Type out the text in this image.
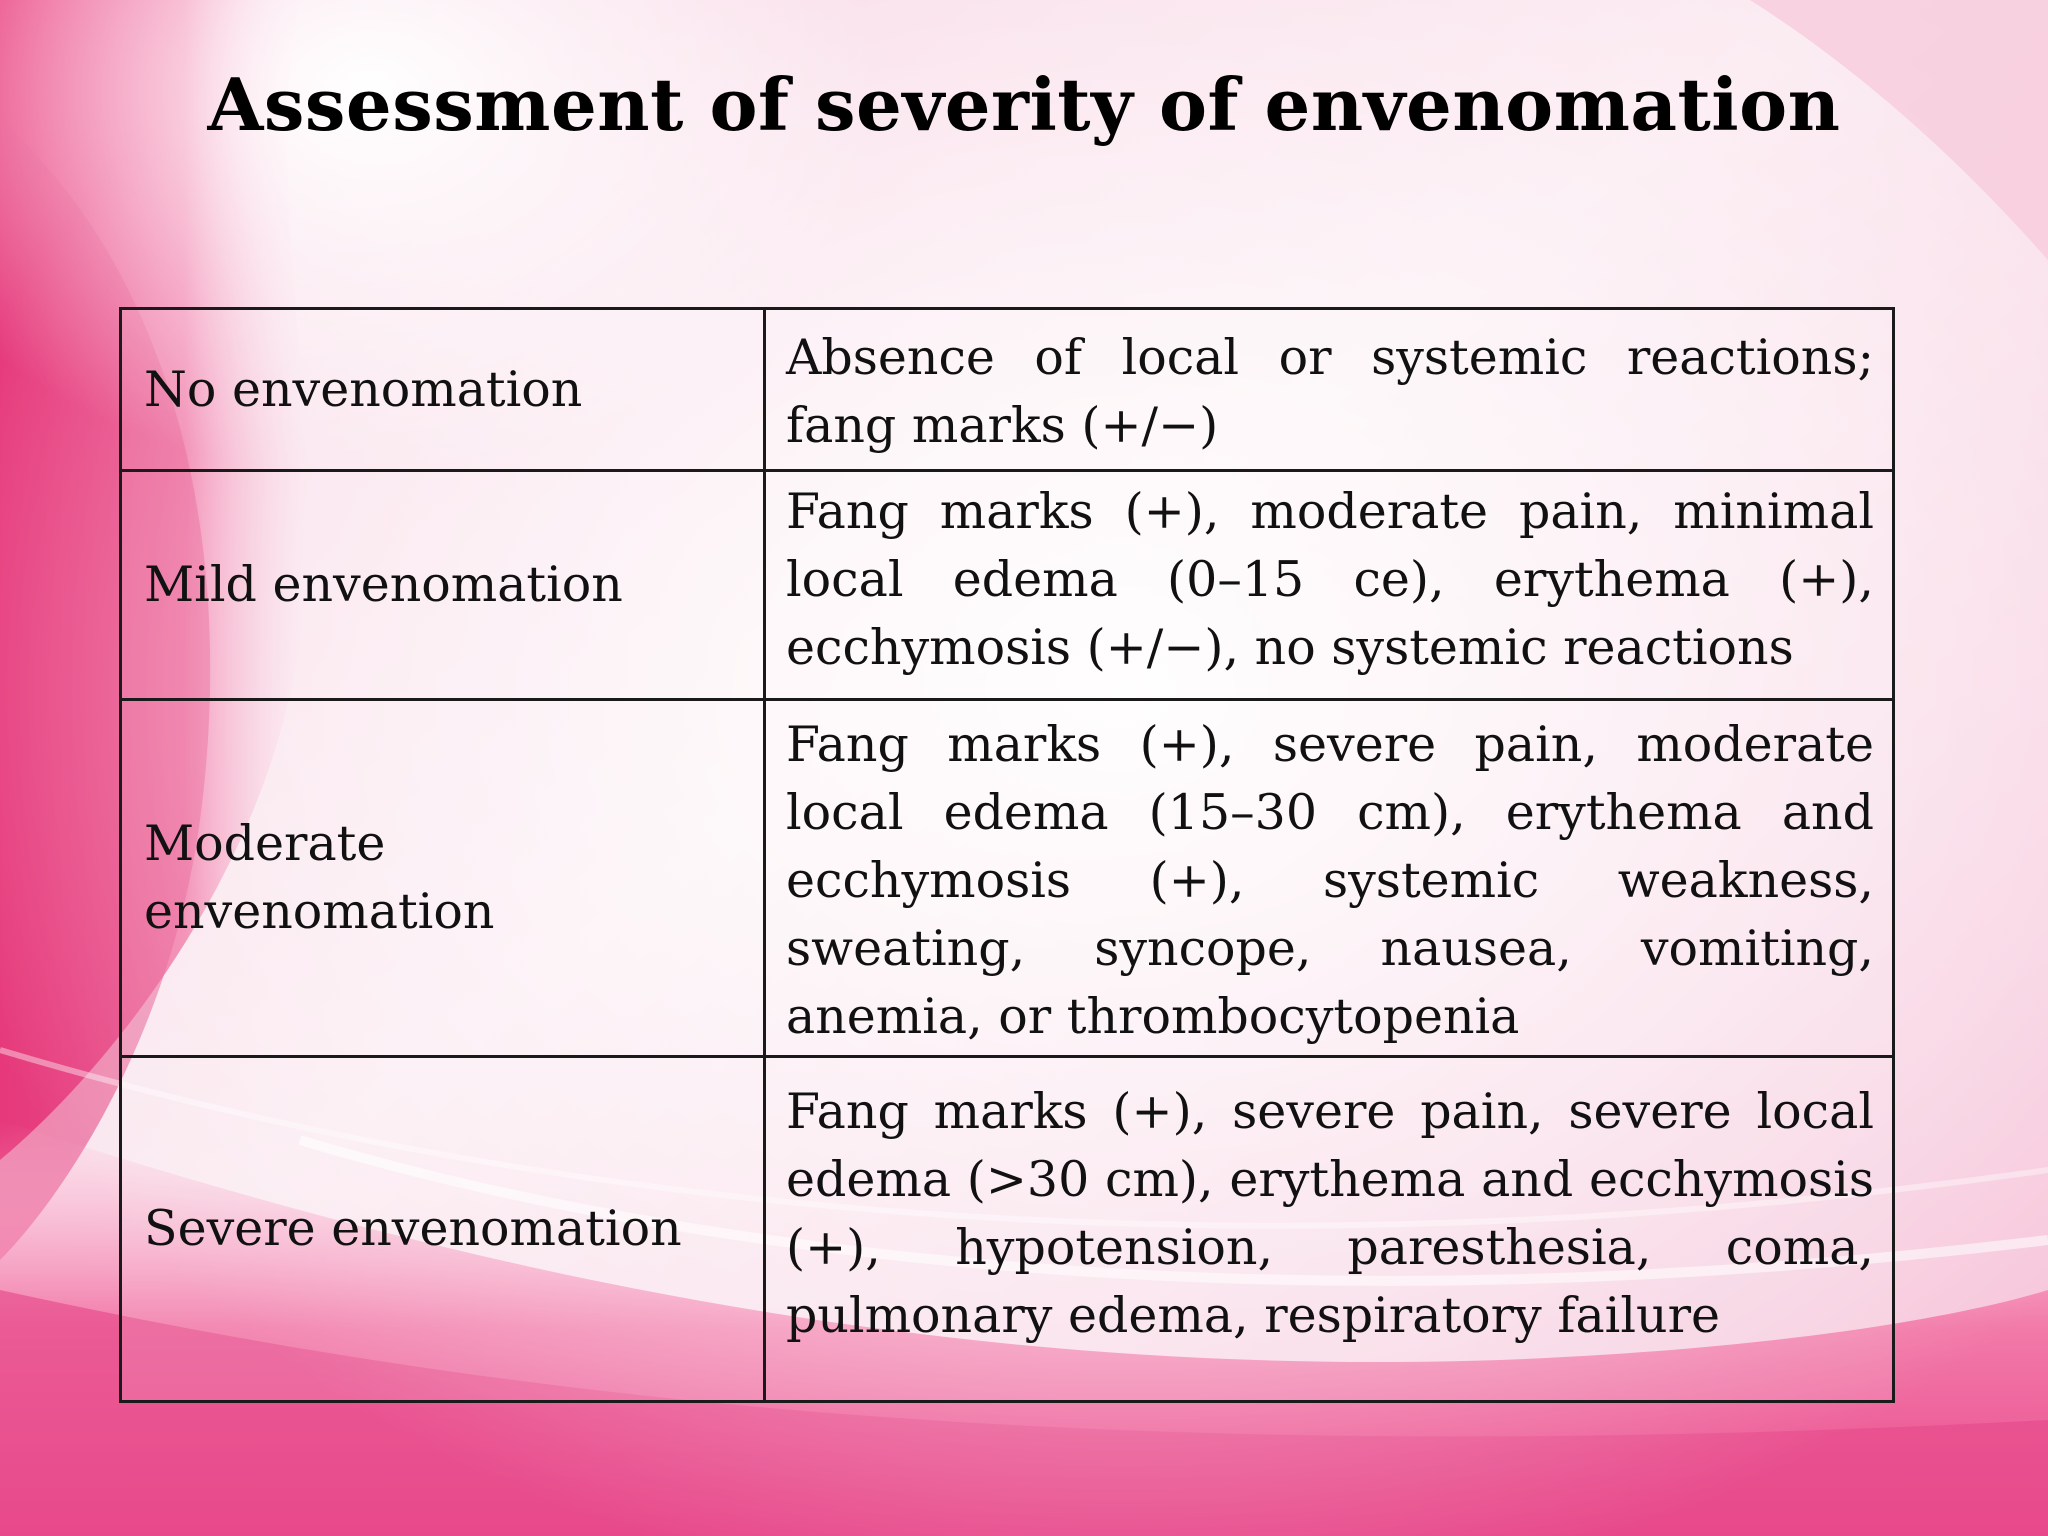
Assessment of severity of envenomation
No envenomation	Absence of local or systemic reactions; fang marks (+/−)
Mild envenomation	Fang marks (+), moderate pain, minimal local edema (0–15 ce), erythema (+), ecchymosis (+/−), no systemic reactions
Moderate envenomation	Fang marks (+), severe pain, moderate local edema (15–30 cm), erythema and ecchymosis (+), systemic weakness, sweating, syncope, nausea, vomiting, anemia, or thrombocytopenia
Severe envenomation	Fang marks (+), severe pain, severe local edema (>30 cm), erythema and ecchymosis (+), hypotension, paresthesia, coma, pulmonary edema, respiratory failure
